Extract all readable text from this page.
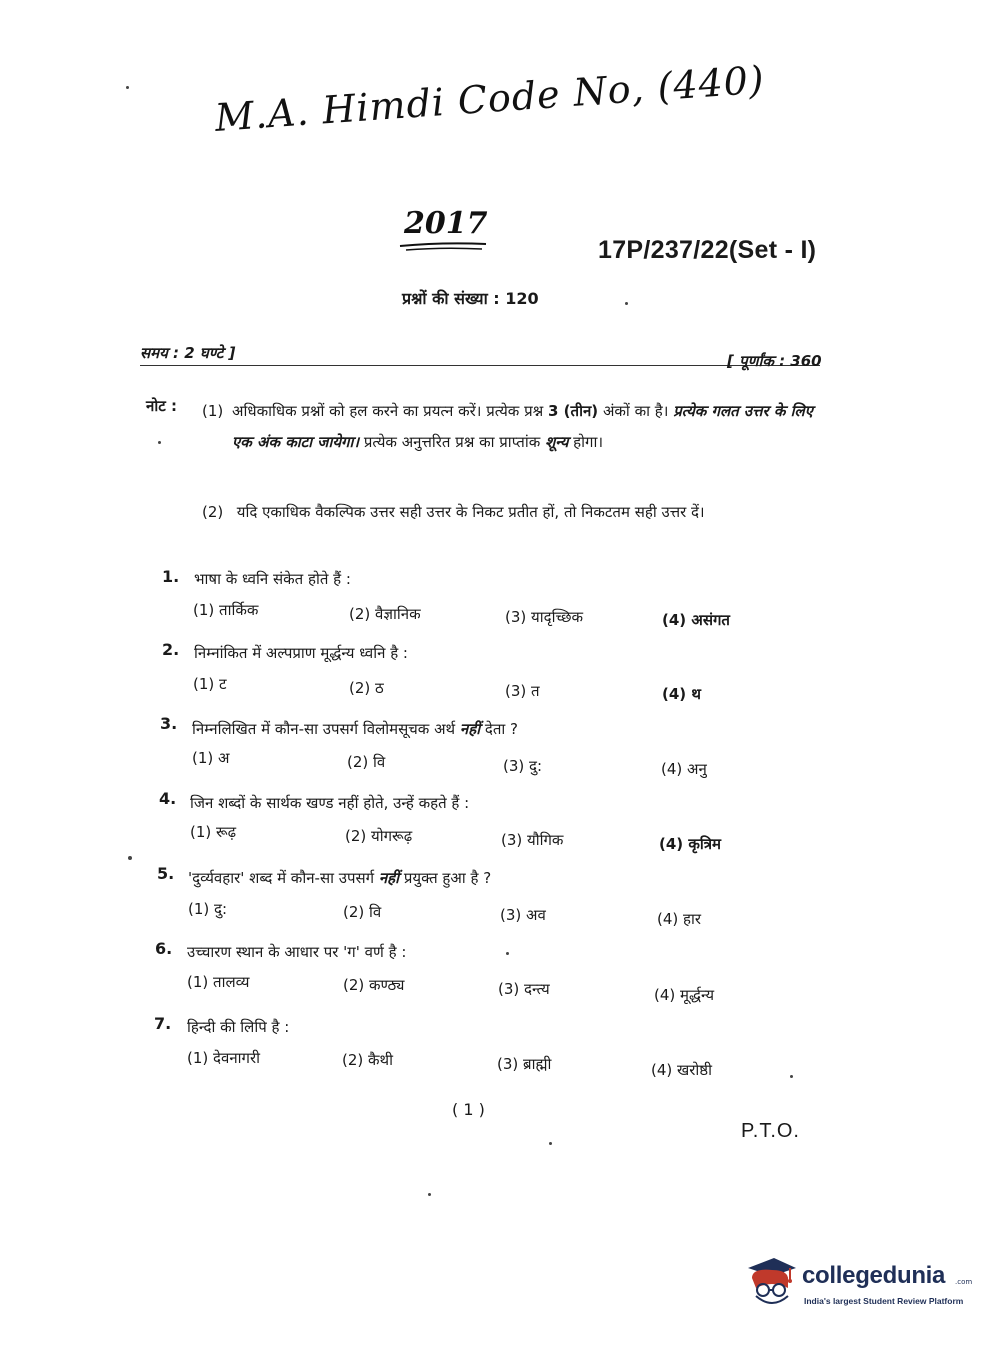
M.A. Himdi Code No, (440)
2017
17P/237/22(Set - I)
प्रश्नों की संख्या : 120
समय : 2 घण्टे ]	[ पूर्णांक : 360
नोट : (1) अधिकाधिक प्रश्नों को हल करने का प्रयत्न करें। प्रत्येक प्रश्न 3 (तीन) अंकों का है। प्रत्येक गलत उत्तर के लिए एक अंक काटा जायेगा। प्रत्येक अनुत्तरित प्रश्न का प्राप्तांक शून्य होगा।
(2) यदि एकाधिक वैकल्पिक उत्तर सही उत्तर के निकट प्रतीत हों, तो निकटतम सही उत्तर दें।
1. भाषा के ध्वनि संकेत होते हैं :
(1) तार्किक	(2) वैज्ञानिक	(3) यादृच्छिक	(4) असंगत
2. निम्नांकित में अल्पप्राण मूर्द्धन्य ध्वनि है :
(1) ट	(2) ठ	(3) त	(4) थ
3. निम्नलिखित में कौन-सा उपसर्ग विलोमसूचक अर्थ नहीं देता ?
(1) अ	(2) वि	(3) दु:	(4) अनु
4. जिन शब्दों के सार्थक खण्ड नहीं होते, उन्हें कहते हैं :
(1) रूढ़	(2) योगरूढ़	(3) यौगिक	(4) कृत्रिम
5. 'दुर्व्यवहार' शब्द में कौन-सा उपसर्ग नहीं प्रयुक्त हुआ है ?
(1) दु:	(2) वि	(3) अव	(4) हार
6. उच्चारण स्थान के आधार पर 'ग' वर्ण है :
(1) तालव्य	(2) कण्ठ्य	(3) दन्त्य	(4) मूर्द्धन्य
7. हिन्दी की लिपि है :
(1) देवनागरी	(2) कैथी	(3) ब्राह्मी	(4) खरोष्ठी
( 1 )
P.T.O.
collegedunia .com
India's largest Student Review Platform
